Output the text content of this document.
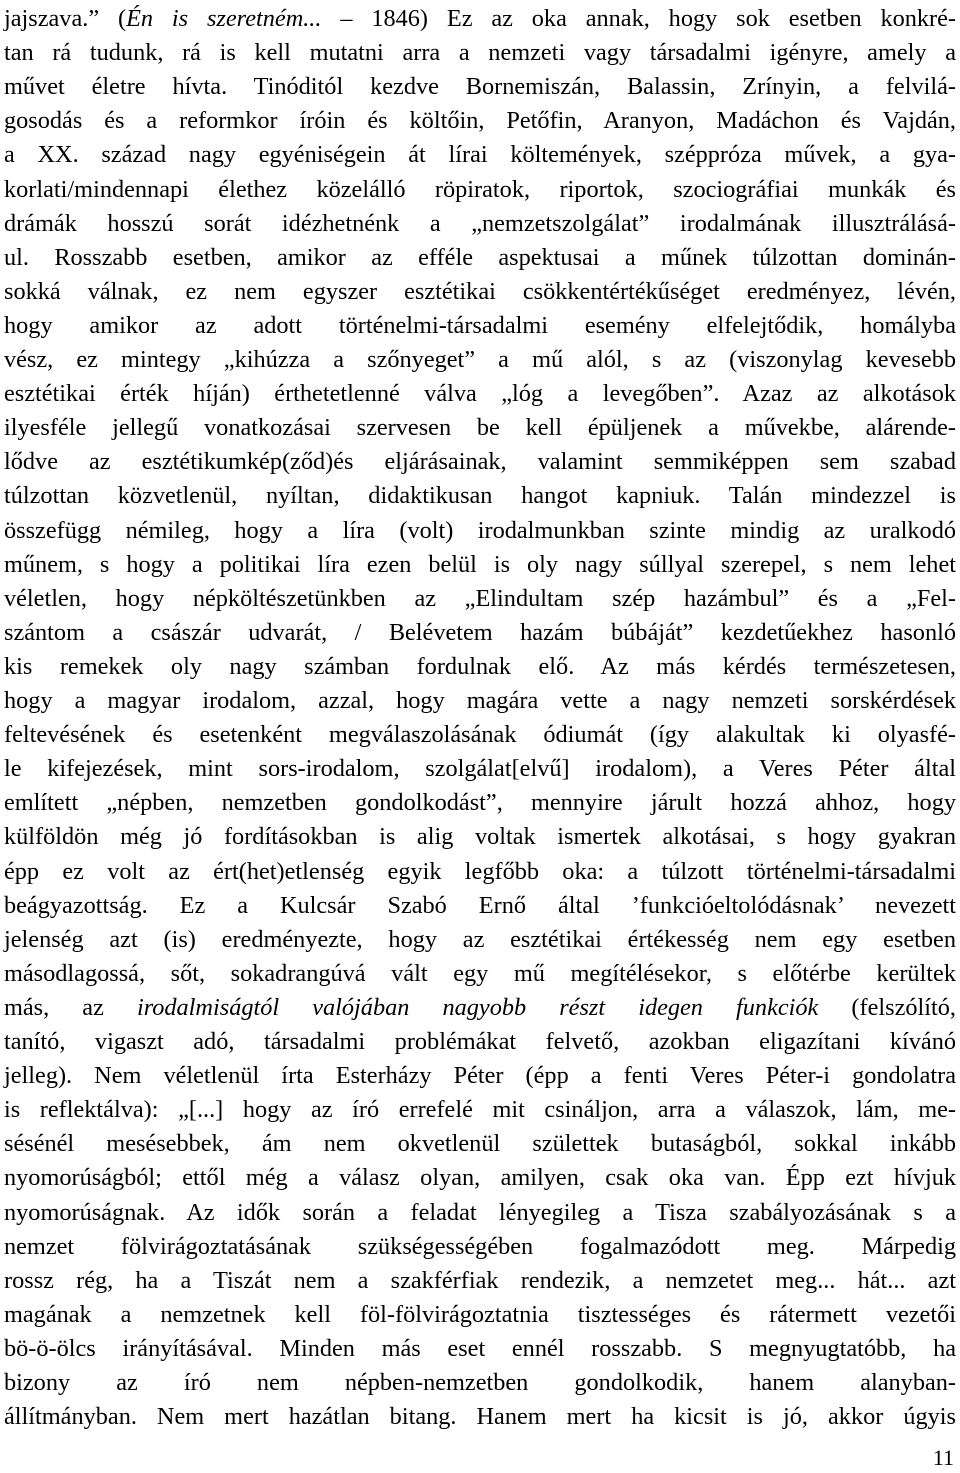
jajszava.” (Én is szeretném... – 1846) Ez az oka annak, hogy sok esetben konkré-
tan rá tudunk, rá is kell mutatni arra a nemzeti vagy társadalmi igényre, amely a
művet életre hívta. Tinóditól kezdve Bornemiszán, Balassin, Zrínyin, a felvilá-
gosodás és a reformkor íróin és költőin, Petőfin, Aranyon, Madáchon és Vajdán,
a XX. század nagy egyéniségein át lírai költemények, széppróza művek, a gya-
korlati/mindennapi élethez közelálló röpiratok, riportok, szociográfiai munkák és
drámák hosszú sorát idézhetnénk a „nemzetszolgálat” irodalmának illusztrálásá-
ul. Rosszabb esetben, amikor az efféle aspektusai a műnek túlzottan dominán-
sokká válnak, ez nem egyszer esztétikai csökkentértékűséget eredményez, lévén,
hogy amikor az adott történelmi-társadalmi esemény elfelejtődik, homályba
vész, ez mintegy „kihúzza a szőnyeget” a mű alól, s az (viszonylag kevesebb
esztétikai érték híján) érthetetlenné válva „lóg a levegőben”. Azaz az alkotások
ilyesféle jellegű vonatkozásai szervesen be kell épüljenek a művekbe, alárende-
lődve az esztétikumkép(ződ)és eljárásainak, valamint semmiképpen sem szabad
túlzottan közvetlenül, nyíltan, didaktikusan hangot kapniuk. Talán mindezzel is
összefügg némileg, hogy a líra (volt) irodalmunkban szinte mindig az uralkodó
műnem, s hogy a politikai líra ezen belül is oly nagy súllyal szerepel, s nem lehet
véletlen, hogy népköltészetünkben az „Elindultam szép hazámbul” és a „Fel-
szántom a császár udvarát, / Belévetem hazám búbáját” kezdetűekhez hasonló
kis remekek oly nagy számban fordulnak elő. Az más kérdés természetesen,
hogy a magyar irodalom, azzal, hogy magára vette a nagy nemzeti sorskérdések
feltevésének és esetenként megválaszolásának ódiumát (így alakultak ki olyasfé-
le kifejezések, mint sors-irodalom, szolgálat[elvű] irodalom), a Veres Péter által
említett „népben, nemzetben gondolkodást”, mennyire járult hozzá ahhoz, hogy
külföldön még jó fordításokban is alig voltak ismertek alkotásai, s hogy gyakran
épp ez volt az ért(het)etlenség egyik legfőbb oka: a túlzott történelmi-társadalmi
beágyazottság. Ez a Kulcsár Szabó Ernő által ’funkcióeltolódásnak’ nevezett
jelenség azt (is) eredményezte, hogy az esztétikai értékesség nem egy esetben
másodlagossá, sőt, sokadrangúvá vált egy mű megítélésekor, s előtérbe kerültek
más, az irodalmiságtól valójában nagyobb részt idegen funkciók (felszólító,
tanító, vigaszt adó, társadalmi problémákat felvető, azokban eligazítani kívánó
jelleg). Nem véletlenül írta Esterházy Péter (épp a fenti Veres Péter-i gondolatra
is reflektálva): „[...] hogy az író errefelé mit csináljon, arra a válaszok, lám, me-
sésénél mesésebbek, ám nem okvetlenül születtek butaságból, sokkal inkább
nyomorúságból; ettől még a válasz olyan, amilyen, csak oka van. Épp ezt hívjuk
nyomorúságnak. Az idők során a feladat lényegileg a Tisza szabályozásának s a
nemzet fölvirágoztatásának szükségességében fogalmazódott meg. Márpedig
rossz rég, ha a Tiszát nem a szakférfiak rendezik, a nemzetet meg... hát... azt
magának a nemzetnek kell föl-fölvirágoztatnia tisztességes és rátermett vezetői
bö-ö-ölcs irányításával. Minden más eset ennél rosszabb. S megnyugtatóbb, ha
bizony az író nem népben-nemzetben gondolkodik, hanem alanyban-
állítmányban. Nem mert hazátlan bitang. Hanem mert ha kicsit is jó, akkor úgyis
11
